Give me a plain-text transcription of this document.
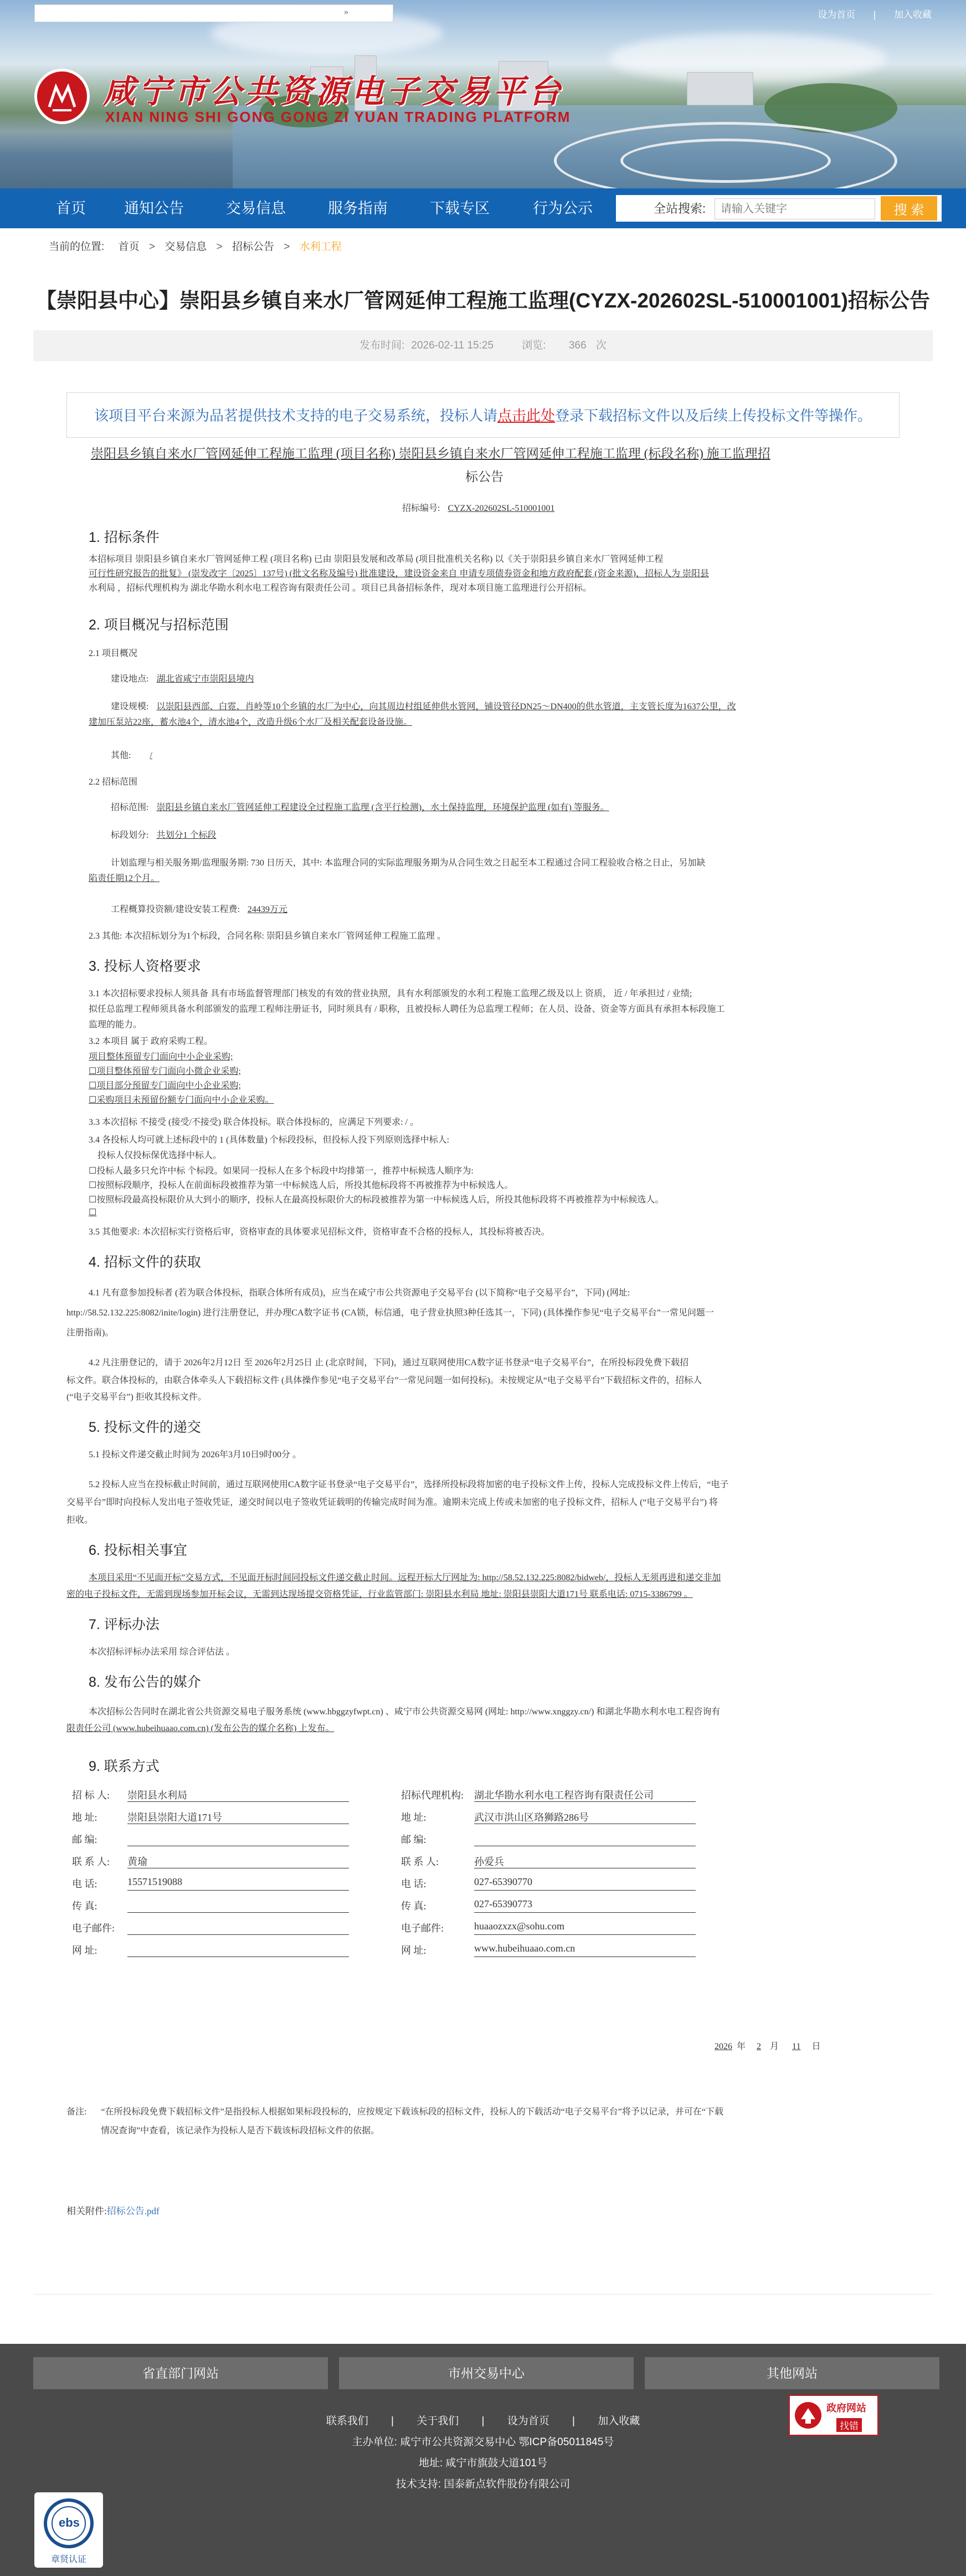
»	设为首页 | 加入收藏
咸宁市公共资源电子交易平台
XIAN NING SHI GONG GONG ZI YUAN TRADING PLATFORM
首页	通知公告	交易信息	服务指南	下载专区	行为公示	全站搜索:
请输入关键字	搜 索
当前的位置: 首页 > 交易信息 > 招标公告 > 水利工程
【崇阳县中心】崇阳县乡镇自来水厂管网延伸工程施工监理(CYZX-202602SL-510001001)招标公告
发布时间: 2026-02-11 15:25	浏览: 366 次
该项目平台来源为品茗提供技术支持的电子交易系统，投标人请点击此处登录下载招标文件以及后续上传投标文件等操作。
崇阳县乡镇自来水厂管网延伸工程施工监理 (项目名称) 崇阳县乡镇自来水厂管网延伸工程施工监理 (标段名称) 施工监理招
标公告
招标编号: CYZX-202602SL-510001001
1. 招标条件
本招标项目 崇阳县乡镇自来水厂管网延伸工程 (项目名称) 已由 崇阳县发展和改革局 (项目批准机关名称) 以《关于崇阳县乡镇自来水厂管网延伸工程
可行性研究报告的批复》 (崇发改字〔2025〕137号) (批文名称及编号) 批准建设，建设资金来自 申请专项债券资金和地方政府配套 (资金来源)，招标人为 崇阳县
水利局 ，招标代理机构为 湖北华勘水利水电工程咨询有限责任公司 。项目已具备招标条件，现对本项目施工监理进行公开招标。
2. 项目概况与招标范围
2.1 项目概况
建设地点: 湖北省咸宁市崇阳县境内
建设规模: 以崇阳县西部、白霓、肖岭等10个乡镇的水厂为中心，向其周边村组延伸供水管网，铺设管径DN25～DN400的供水管道，主支管长度为1637公里，改
建加压泵站22座，蓄水池4个，清水池4个，改造升级6个水厂及相关配套设备设施。
其他: /
2.2 招标范围
招标范围: 崇阳县乡镇自来水厂管网延伸工程建设全过程施工监理 (含平行检测)，水土保持监理，环境保护监理 (如有) 等服务。
标段划分: 共划分1 个标段
计划监理与相关服务期/监理服务期: 730 日历天，其中: 本监理合同的实际监理服务期为从合同生效之日起至本工程通过合同工程验收合格之日止，另加缺
陷责任期12个月。
工程概算投资额/建设安装工程费: 24439万元
2.3 其他: 本次招标划分为1个标段，合同名称: 崇阳县乡镇自来水厂管网延伸工程施工监理 。
3. 投标人资格要求
3.1 本次招标要求投标人须具备 具有市场监督管理部门核发的有效的营业执照，具有水利部颁发的水利工程施工监理乙级及以上 资质， 近 / 年承担过 / 业绩;
拟任总监理工程师须具备水利部颁发的监理工程师注册证书，同时须具有 / 职称，且被投标人聘任为总监理工程师；在人员、设备、资金等方面具有承担本标段施工
监理的能力。
3.2 本项目 属于 政府采购工程。
项目整体预留专门面向中小企业采购;
☐项目整体预留专门面向小微企业采购;
☐项目部分预留专门面向中小企业采购;
☐采购项目未预留份额专门面向中小企业采购。
3.3 本次招标 不接受 (接受/不接受) 联合体投标。联合体投标的，应满足下列要求: / 。
3.4 各投标人均可就上述标段中的 1 (具体数量) 个标段投标，但投标人投下列原则选择中标人:
投标人仅投标保优选择中标人。
☐投标人最多只允许中标 个标段。如果同一投标人在多个标段中均排第一，推荐中标候选人顺序为:
☐按照标段顺序，投标人在前面标段被推荐为第一中标候选人后，所投其他标段将不再被推荐为中标候选人。
☐按照标段最高投标限价从大到小的顺序，投标人在最高投标限价大的标段被推荐为第一中标候选人后，所投其他标段将不再被推荐为中标候选人。
☐
3.5 其他要求: 本次招标实行资格后审，资格审查的具体要求见招标文件，资格审查不合格的投标人，其投标将被否决。
4. 招标文件的获取
4.1 凡有意参加投标者 (若为联合体投标，指联合体所有成员)，应当在咸宁市公共资源电子交易平台 (以下简称“电子交易平台”，下同) (网址:
http://58.52.132.225:8082/inite/login) 进行注册登记，并办理CA数字证书 (CA锁，标信通，电子营业执照3种任选其一，下同) (具体操作参见“电子交易平台”一常见问题一
注册指南)。
4.2 凡注册登记的，请于 2026年2月12日 至 2026年2月25日 止 (北京时间，下同)，通过互联网使用CA数字证书登录“电子交易平台”，在所投标段免费下载招
标文件。联合体投标的，由联合体牵头人下载招标文件 (具体操作参见“电子交易平台”一常见问题一如何投标)。未按规定从“电子交易平台”下载招标文件的，招标人
(“电子交易平台”) 拒收其投标文件。
5. 投标文件的递交
5.1 投标文件递交截止时间为 2026年3月10日9时00分 。
5.2 投标人应当在投标截止时间前，通过互联网使用CA数字证书登录“电子交易平台”，选择所投标段将加密的电子投标文件上传，投标人完成投标文件上传后，“电子
交易平台”即时向投标人发出电子签收凭证，递交时间以电子签收凭证载明的传输完成时间为准。逾期未完成上传或未加密的电子投标文件，招标人 (“电子交易平台”) 将
拒收。
6. 投标相关事宜
本项目采用“不见面开标”交易方式，不见面开标时间同投标文件递交截止时间。远程开标大厅网址为: http://58.52.132.225:8082/bidweb/，投标人无须再进和递交非加
密的电子投标文件，无需到现场参加开标会议，无需到达现场提交资格凭证，行业监管部门: 崇阳县水利局 地址: 崇阳县崇阳大道171号 联系电话: 0715-3386799 。
7. 评标办法
本次招标评标办法采用 综合评估法 。
8. 发布公告的媒介
本次招标公告同时在湖北省公共资源交易电子服务系统 (www.hbggzyfwpt.cn) 、咸宁市公共资源交易网 (网址: http://www.xnggzy.cn/) 和湖北华勘水利水电工程咨询有
限责任公司 (www.hubeihuaao.com.cn) (发布公告的媒介名称) 上发布。
9. 联系方式
招 标 人: 崇阳县水利局
地 址:	崇阳县崇阳大道171号
邮 编:
联 系 人: 黄瑜
电 话:	15571519088
传 真:
电子邮件:
网 址:
招标代理机构: 湖北华勘水利水电工程咨询有限责任公司
地 址:	武汉市洪山区珞狮路286号
邮 编:
联 系 人:	孙爱兵
电 话:	027-65390770
传 真:	027-65390773
电子邮件:	huaaozxzx@sohu.com
网 址:	www.hubeihuaao.com.cn
2026 年 2 月 11 日
备注: “在所投标段免费下载招标文件”是指投标人根据如果标段投标的，应按规定下载该标段的招标文件，投标人的下载活动“电子交易平台”将予以记录，并可在“下载
情况查询”中查看，该记录作为投标人是否下载该标段招标文件的依据。
相关附件:招标公告.pdf
省直部门网站	市州交易中心	其他网站
联系我们 | 关于我们 | 设为首页 | 加入收藏
主办单位: 咸宁市公共资源交易中心 鄂ICP备05011845号
地址: 咸宁市旗鼓大道101号
技术支持: 国泰新点软件股份有限公司
政府网站
找错
ebs
章贤认证
